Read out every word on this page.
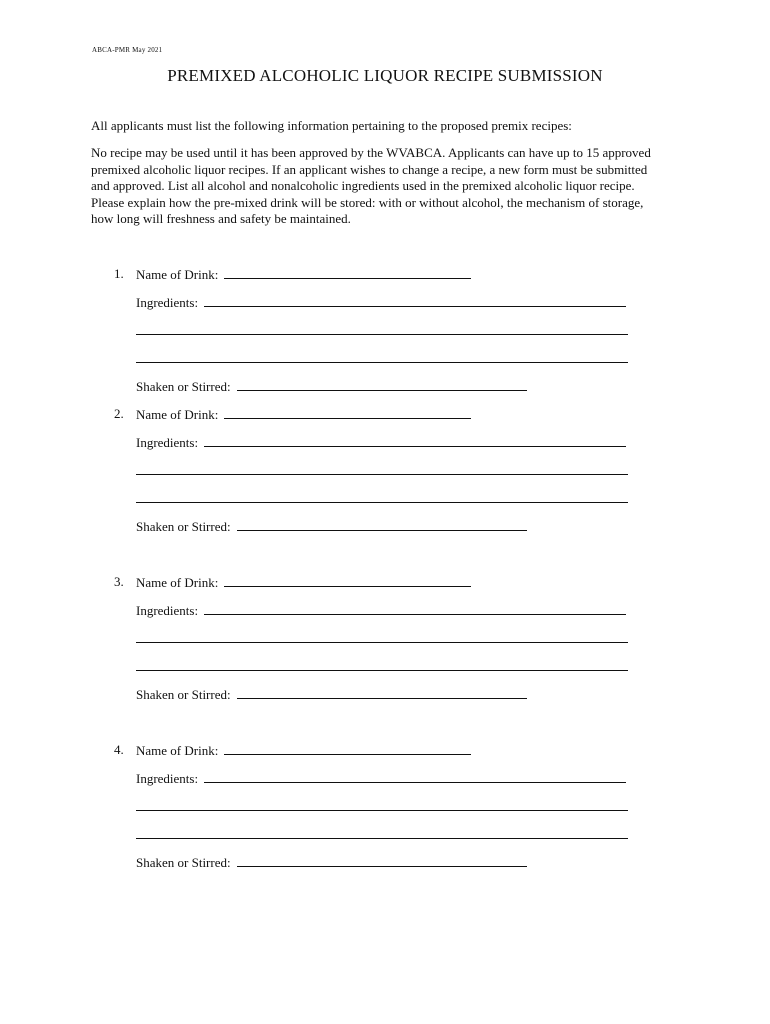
ABCA-PMR May 2021
PREMIXED ALCOHOLIC LIQUOR RECIPE SUBMISSION
All applicants must list the following information pertaining to the proposed premix recipes:
No recipe may be used until it has been approved by the WVABCA. Applicants can have up to 15 approved
premixed alcoholic liquor recipes. If an applicant wishes to change a recipe, a new form must be submitted
and approved. List all alcohol and nonalcoholic ingredients used in the premixed alcoholic liquor recipe.
Please explain how the pre-mixed drink will be stored: with or without alcohol, the mechanism of storage,
how long will freshness and safety be maintained.
1. Name of Drink:
Ingredients:
Shaken or Stirred:
2. Name of Drink:
Ingredients:
Shaken or Stirred:
3. Name of Drink:
Ingredients:
Shaken or Stirred:
4. Name of Drink:
Ingredients:
Shaken or Stirred:
